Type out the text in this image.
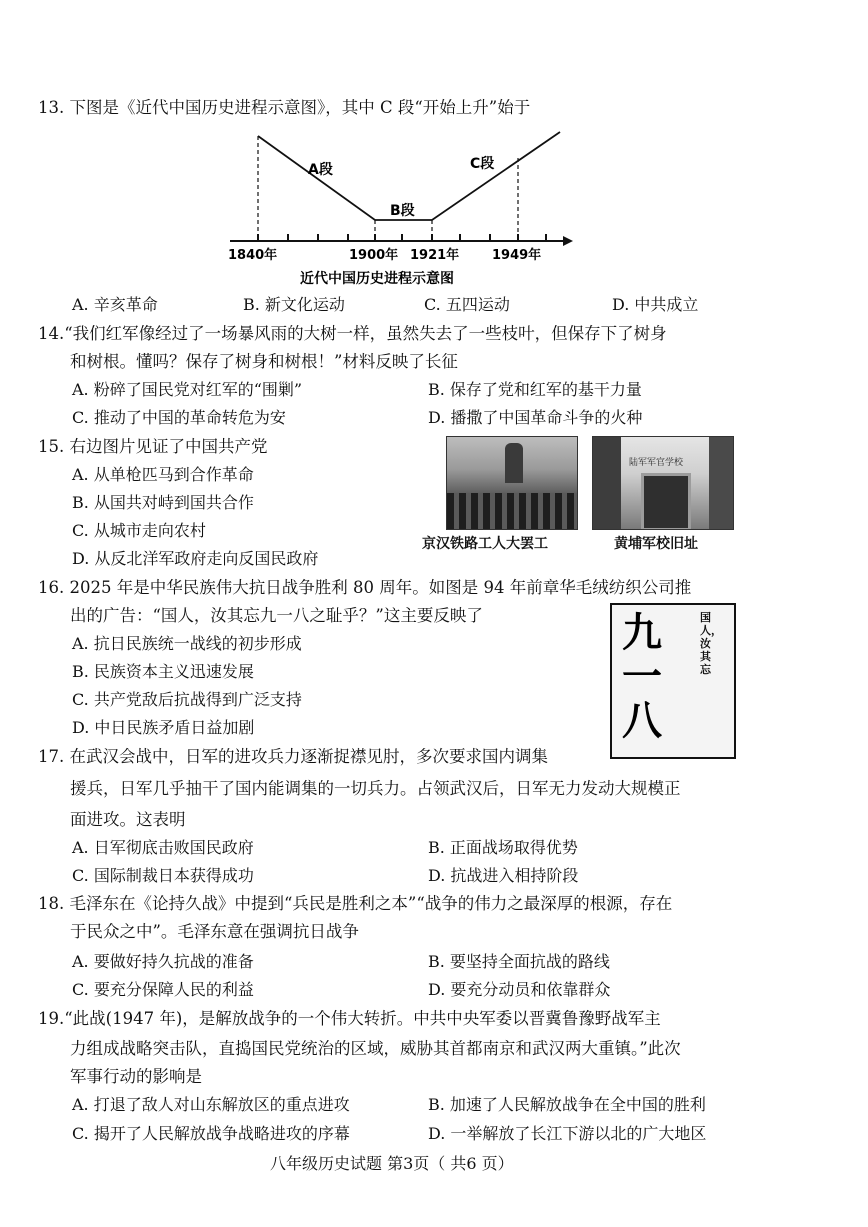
13. 下图是《近代中国历史进程示意图》，其中 C 段“开始上升”始于
A段
B段
C段
1840年	1900年 1921年	1949年
近代中国历史进程示意图
A. 辛亥革命	B. 新文化运动	C. 五四运动	D. 中共成立
14.“我们红军像经过了一场暴风雨的大树一样，虽然失去了一些枝叶，但保存下了树身
和树根。懂吗？保存了树身和树根！”材料反映了长征
A. 粉碎了国民党对红军的“围剿”	B. 保存了党和红军的基干力量
C. 推动了中国的革命转危为安	D. 播撒了中国革命斗争的火种
15. 右边图片见证了中国共产党
A. 从单枪匹马到合作革命
B. 从国共对峙到国共合作
C. 从城市走向农村
D. 从反北洋军政府走向反国民政府
京汉铁路工人大罢工
陆军军官学校
黄埔军校旧址
16. 2025 年是中华民族伟大抗日战争胜利 80 周年。如图是 94 年前章华毛绒纺织公司推
出的广告：“国人，汝其忘九一八之耻乎？”这主要反映了
A. 抗日民族统一战线的初步形成
B. 民族资本主义迅速发展
C. 共产党敌后抗战得到广泛支持
D. 中日民族矛盾日益加剧
国人，汝其忘
九一八
17. 在武汉会战中，日军的进攻兵力逐渐捉襟见肘，多次要求国内调集
援兵，日军几乎抽干了国内能调集的一切兵力。占领武汉后，日军无力发动大规模正
面进攻。这表明
A. 日军彻底击败国民政府	B. 正面战场取得优势
C. 国际制裁日本获得成功	D. 抗战进入相持阶段
18. 毛泽东在《论持久战》中提到“兵民是胜利之本”“战争的伟力之最深厚的根源，存在
于民众之中”。毛泽东意在强调抗日战争
A. 要做好持久抗战的准备	B. 要坚持全面抗战的路线
C. 要充分保障人民的利益	D. 要充分动员和依靠群众
19.“此战(1947 年)，是解放战争的一个伟大转折。中共中央军委以晋冀鲁豫野战军主
力组成战略突击队，直捣国民党统治的区域，威胁其首都南京和武汉两大重镇。”此次
军事行动的影响是
A. 打退了敌人对山东解放区的重点进攻	B. 加速了人民解放战争在全中国的胜利
C. 揭开了人民解放战争战略进攻的序幕	D. 一举解放了长江下游以北的广大地区
八年级历史试题 第3页（ 共6 页）
